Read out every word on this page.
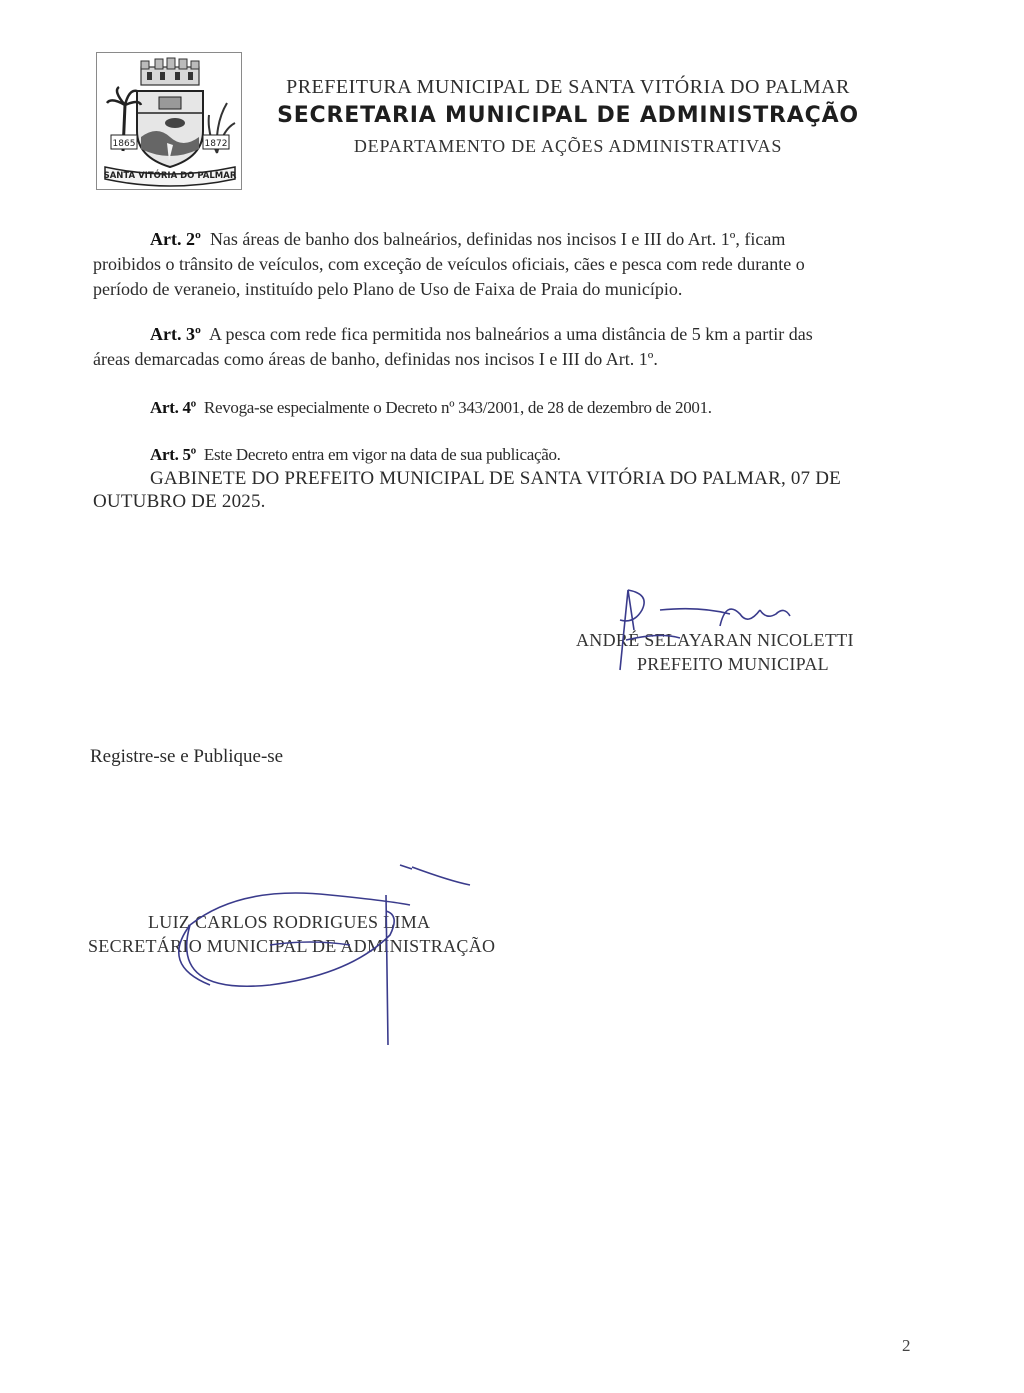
1865	1872
SANTA VITÓRIA DO PALMAR
PREFEITURA MUNICIPAL DE SANTA VITÓRIA DO PALMAR
SECRETARIA MUNICIPAL DE ADMINISTRAÇÃO
DEPARTAMENTO DE AÇÕES ADMINISTRATIVAS
Art. 2º Nas áreas de banho dos balneários, definidas nos incisos I e III do Art. 1º, ficam
proibidos o trânsito de veículos, com exceção de veículos oficiais, cães e pesca com rede durante o
período de veraneio, instituído pelo Plano de Uso de Faixa de Praia do município.
Art. 3º A pesca com rede fica permitida nos balneários a uma distância de 5 km a partir das
áreas demarcadas como áreas de banho, definidas nos incisos I e III do Art. 1º.
Art. 4º Revoga-se especialmente o Decreto nº 343/2001, de 28 de dezembro de 2001.
Art. 5º Este Decreto entra em vigor na data de sua publicação.
GABINETE DO PREFEITO MUNICIPAL DE SANTA VITÓRIA DO PALMAR, 07 DE
OUTUBRO DE 2025.
ANDRÉ SELAYARAN NICOLETTI
PREFEITO MUNICIPAL
Registre-se e Publique-se
LUIZ CARLOS RODRIGUES LIMA
SECRETÁRIO MUNICIPAL DE ADMINISTRAÇÃO
2
